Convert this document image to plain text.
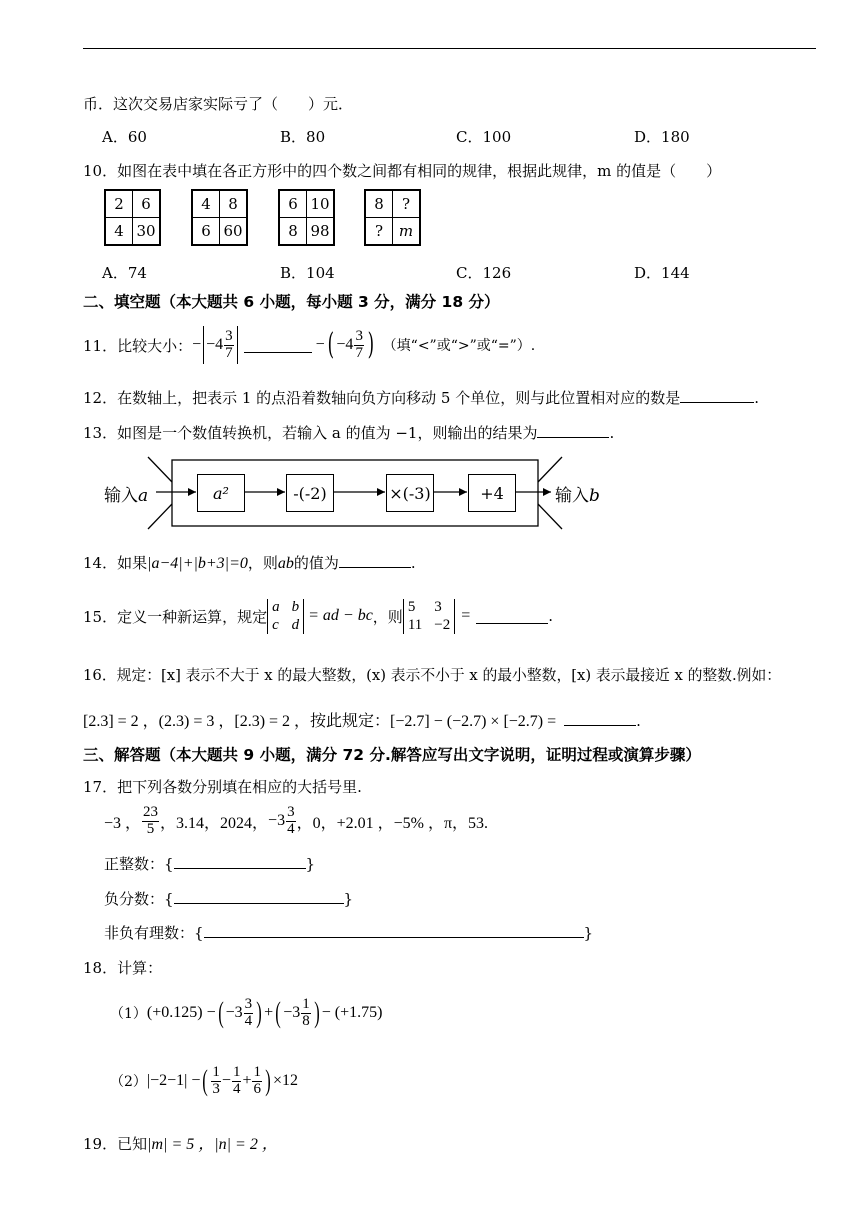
币．这次交易店家实际亏了（　　）元．
A．60	B．80	C．100	D．180
10．如图在表中填在各正方形中的四个数之间都有相同的规律，根据此规律，m 的值是（　　）
2	6
4	30
4	8
6	60
6	10
8	98
8	?
?	m
A．74	B．104	C．126	D．144
二、填空题（本大题共 6 小题，每小题 3 分，满分 18 分）
11．比较大小： − $-4 \frac{3}{7}$	− ( $-4 \frac{3}{7}$ ) （填“<”或“>”或“=”）.
12．在数轴上，把表示 1 的点沿着数轴向负方向移动 5 个单位，则与此位置相对应的数是	.
13．如图是一个数值转换机，若输入 a 的值为 −1，则输出的结果为	.
输入a	a²	-(-2)	×(-3)	+4	输入b
14．如果|a−4|+|b+3|=0，则ab的值为	.
15．定义一种新运算，规定
a b
c d
= ad − bc ，则
5	3
11 −2
=	.
16．规定：[x] 表示不大于 x 的最大整数，(x) 表示不小于 x 的最小整数，[x) 表示最接近 x 的整数.例如：
[2.3] = 2 ，(2.3) = 3 ，[2.3) = 2 ，按此规定：[−2.7] − (−2.7) × [−2.7) =	.
三、解答题（本大题共 9 小题，满分 72 分.解答应写出文字说明，证明过程或演算步骤）
17．把下列各数分别填在相应的大括号里.
−3 ， $\frac{23}{5}$ ，3.14，2024， $-3 \frac{3}{4}$ ，0，+2.01 ，−5% ，π，53.
正整数：{	}
负分数：{	}
非负有理数：{	}
18．计算：
（1） (+0.125) − ( $-3 \frac{3}{4}$ ) + ( $-3 \frac{1}{8}$ ) − (+1.75)
（2） |−2−1| − ( $\frac{1}{3} - \frac{1}{4} + \frac{1}{6}$ ) ×12
19．已知|m| = 5 ，|n| = 2 ，
